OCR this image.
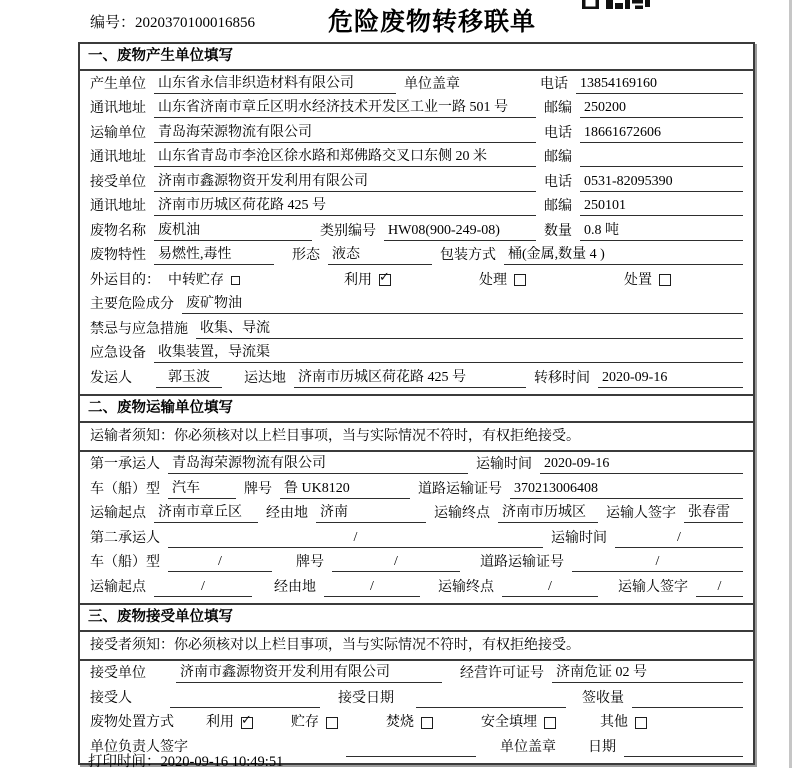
编号：2020370100016856	危险废物转移联单
一、废物产生单位填写
产生单位 山东省永信非织造材料有限公司	单位盖章	电话 13854169160
通讯地址 山东省济南市章丘区明水经济技术开发区工业一路 501 号	邮编 250200
运输单位 青岛海荣源物流有限公司	电话 18661672606
通讯地址 山东省青岛市李沧区徐水路和郑佛路交叉口东侧 20 米	邮编
接受单位 济南市鑫源物资开发利用有限公司	电话 0531-82095390
通讯地址 济南市历城区荷花路 425 号	邮编 250101
废物名称 废机油	类别编号 HW08(900-249-08)	数量 0.8 吨
废物特性 易燃性,毒性	形态 液态	包装方式 桶(金属,数量 4 )
外运目的： 中转贮存	利用 ✓	处理	处置
主要危险成分 废矿物油
禁忌与应急措施 收集、导流
应急设备 收集装置，导流渠
发运人	郭玉波	运达地 济南市历城区荷花路 425 号	转移时间 2020-09-16
二、废物运输单位填写
运输者须知：你必须核对以上栏目事项，当与实际情况不符时，有权拒绝接受。
第一承运人 青岛海荣源物流有限公司	运输时间 2020-09-16
车（船）型 汽车	牌号 鲁 UK8120	道路运输证号 370213006408
运输起点 济南市章丘区	经由地 济南	运输终点 济南市历城区	运输人签字 张春雷
第二承运人	/	运输时间	/
车（船）型	/	牌号	/	道路运输证号	/
运输起点	/	经由地	/	运输终点	/	运输人签字	/
三、废物接受单位填写
接受者须知：你必须核对以上栏目事项，当与实际情况不符时，有权拒绝接受。
接受单位 济南市鑫源物资开发利用有限公司	经营许可证号 济南危证 02 号
接受人	接受日期	签收量
废物处置方式 利用 ✓	贮存	焚烧	安全填埋	其他
单位负责人签字	单位盖章 日期
打印时间：2020-09-16 10:49:51
